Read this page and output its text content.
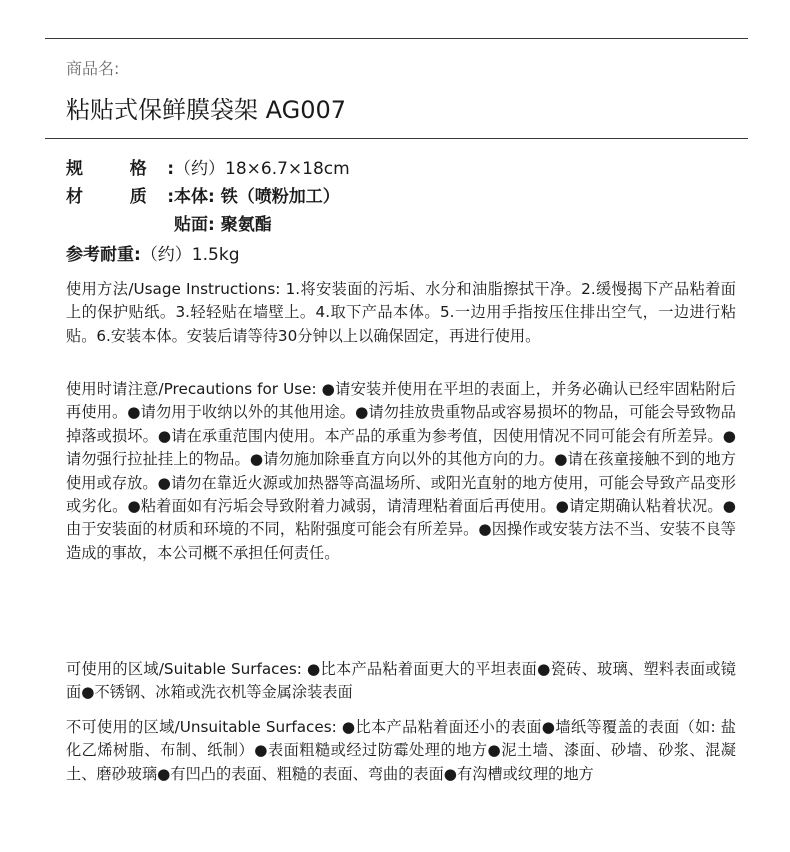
商品名:
粘贴式保鲜膜袋架 AG007
规 格:（约）18×6.7×18cm
材 质:本体: 铁（喷粉加工）
贴面: 聚氨酯
参考耐重:（约）1.5kg

使用方法/Usage Instructions: 1.将安装面的污垢、水分和油脂擦拭干净。2.缓慢揭下产品粘着面上的保护贴纸。3.轻轻贴在墙壁上。4.取下产品本体。5.一边用手指按压住排出空气，一边进行粘贴。6.安装本体。安装后请等待30分钟以上以确保固定，再进行使用。

使用时请注意/Precautions for Use: ●请安装并使用在平坦的表面上，并务必确认已经牢固粘附后再使用。●请勿用于收纳以外的其他用途。●请勿挂放贵重物品或容易损坏的物品，可能会导致物品掉落或损坏。●请在承重范围内使用。本产品的承重为参考值，因使用情况不同可能会有所差异。●请勿强行拉扯挂上的物品。●请勿施加除垂直方向以外的其他方向的力。●请在孩童接触不到的地方使用或存放。●请勿在靠近火源或加热器等高温场所、或阳光直射的地方使用，可能会导致产品变形或劣化。●粘着面如有污垢会导致附着力减弱，请清理粘着面后再使用。●请定期确认粘着状况。●由于安装面的材质和环境的不同，粘附强度可能会有所差异。●因操作或安装方法不当、安装不良等造成的事故，本公司概不承担任何责任。

可使用的区域/Suitable Surfaces: ●比本产品粘着面更大的平坦表面●瓷砖、玻璃、塑料表面或镜面●不锈钢、冰箱或洗衣机等金属涂装表面

不可使用的区域/Unsuitable Surfaces: ●比本产品粘着面还小的表面●墙纸等覆盖的表面（如: 盐化乙烯树脂、布制、纸制）●表面粗糙或经过防霉处理的地方●泥土墙、漆面、砂墙、砂浆、混凝土、磨砂玻璃●有凹凸的表面、粗糙的表面、弯曲的表面●有沟槽或纹理的地方
